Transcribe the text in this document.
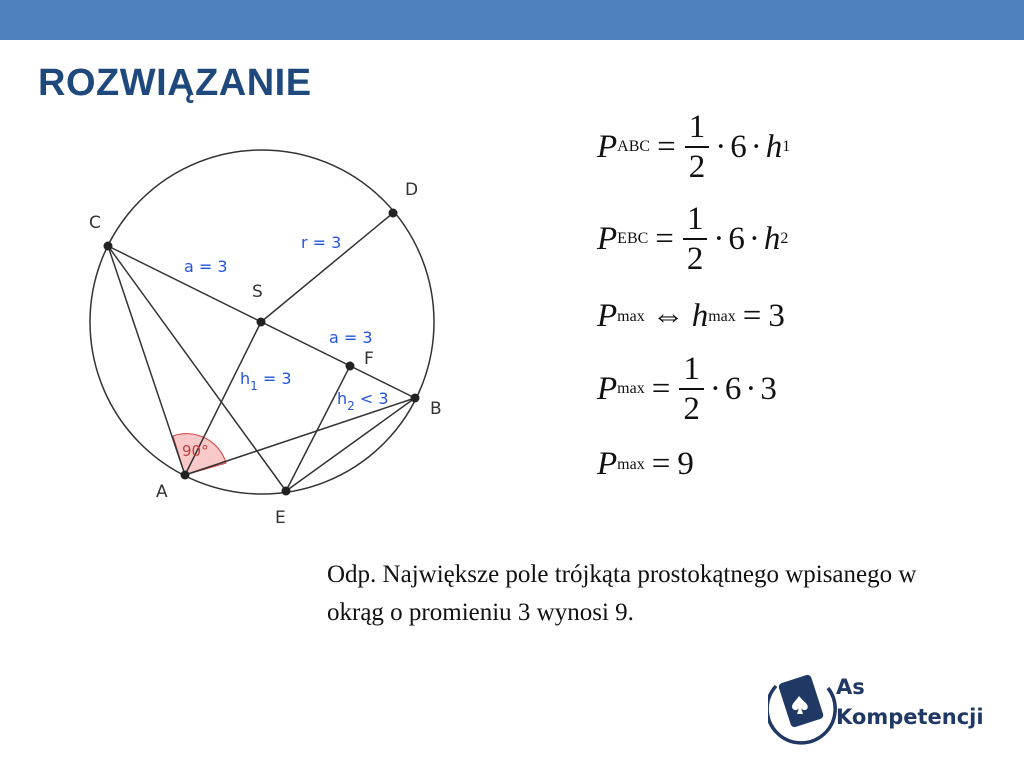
ROZWIĄZANIE
C
D
S
F
B
A
E
a = 3
r = 3
a = 3
$h_1 = 3$
$h_2 < 3$
90°
P ABC = $\frac{1}{2} \cdot 6 \cdot h$ 1
P EBC = $\frac{1}{2} \cdot 6 \cdot h$ 2
P max ⇔ h max = 3
P $\max = \frac{1}{2} \cdot 6 \cdot 3$
P max = 9

Odp. Największe pole trójkąta prostokątnego wpisanego w okrąg o promieniu 3 wynosi 9.

As
Kompetencji
